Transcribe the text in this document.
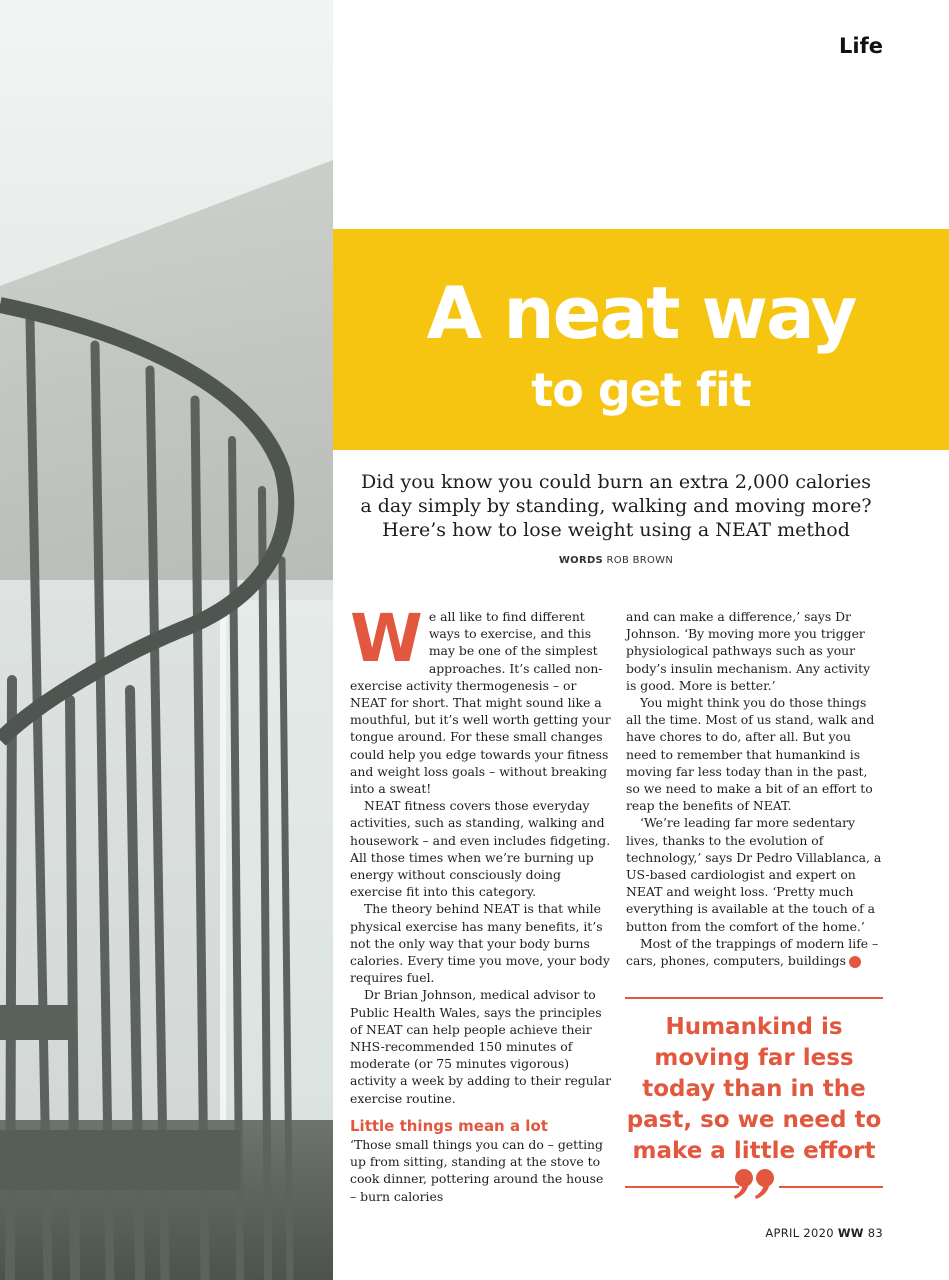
Life
A neat way
to get fit
Did you know you could burn an extra 2,000 calories
a day simply by standing, walking and moving more?
Here’s how to lose weight using a NEAT method
WORDS ROB BROWN

We all like to find different ways to exercise, and this may be one of the simplest approaches. It’s called non-exercise activity thermogenesis – or NEAT for short. That might sound like a mouthful, but it’s well worth getting your tongue around. For these small changes could help you edge towards your fitness and weight loss goals – without breaking into a sweat!

NEAT fitness covers those everyday activities, such as standing, walking and housework – and even includes fidgeting. All those times when we’re burning up energy without consciously doing exercise fit into this category.

The theory behind NEAT is that while physical exercise has many benefits, it’s not the only way that your body burns calories. Every time you move, your body requires fuel.

Dr Brian Johnson, medical advisor to Public Health Wales, says the principles of NEAT can help people achieve their NHS-recommended 150 minutes of moderate (or 75 minutes vigorous) activity a week by adding to their regular exercise routine.

Little things mean a lot

‘Those small things you can do – getting up from sitting, standing at the stove to cook dinner, pottering around the house – burn calories

and can make a difference,’ says Dr Johnson. ‘By moving more you trigger physiological pathways such as your body’s insulin mechanism. Any activity is good. More is better.’

You might think you do those things all the time. Most of us stand, walk and have chores to do, after all. But you need to remember that humankind is moving far less today than in the past, so we need to make a bit of an effort to reap the benefits of NEAT.

‘We’re leading far more sedentary lives, thanks to the evolution of technology,’ says Dr Pedro Villablanca, a US-based cardiologist and expert on NEAT and weight loss. ‘Pretty much everything is available at the touch of a button from the comfort of the home.’

Most of the trappings of modern life – cars, phones, computers, buildings ➜

Humankind is moving far less today than in the past, so we need to make a little effort
APRIL 2020 WW 83
